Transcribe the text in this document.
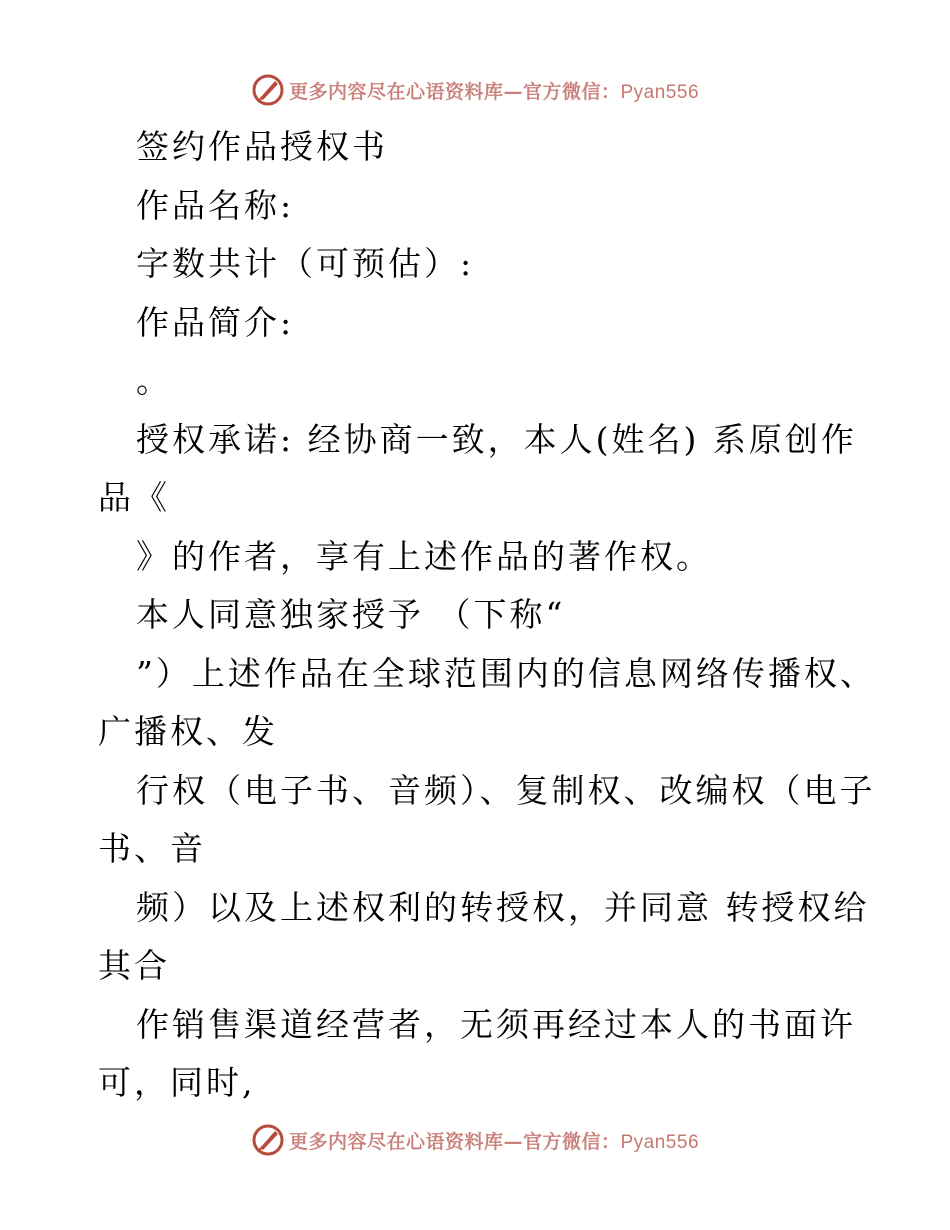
更多内容尽在心语资料库—官方微信：Pyan556
签约作品授权书
作品名称:
字数共计（可预估）:
作品简介:
。
授权承诺: 经协商一致，本人(姓名) 系原创作
品《
》的作者，享有上述作品的著作权。
本人同意独家授予 （下称“
”）上述作品在全球范围内的信息网络传播权、
广播权、发
行权（电子书、音频）、复制权、改编权（电子
书、音
频）以及上述权利的转授权，并同意 转授权给
其合
作销售渠道经营者，无须再经过本人的书面许
可，同时,
更多内容尽在心语资料库—官方微信：Pyan556
